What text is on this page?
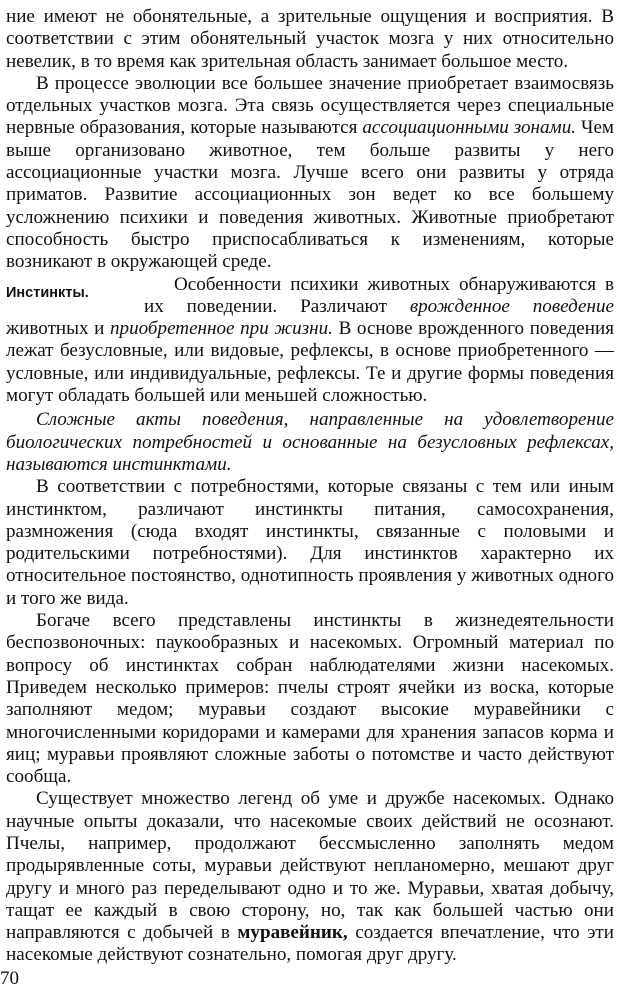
ние имеют не обонятельные, а зрительные ощущения и восприятия. В соответствии с этим обонятельный участок мозга у них относительно невелик, в то время как зрительная область занимает большое место.

В процессе эволюции все большее значение приобретает взаимосвязь отдельных участков мозга. Эта связь осуществляется через специальные нервные образования, которые называются ассоциационными зонами. Чем выше организовано животное, тем больше развиты у него ассоциационные участки мозга. Лучше всего они развиты у отряда приматов. Развитие ассоциационных зон ведет ко все большему усложнению психики и поведения животных. Животные приобретают способность быстро приспосабливаться к изменениям, которые возникают в окружающей среде.

Инстинкты.	Особенности психики животных обнаруживаются в их поведении. Различают врожденное поведение животных и приобретенное при жизни. В основе врожденного поведения лежат безусловные, или видовые, рефлексы, в основе приобретенного — условные, или индивидуальные, рефлексы. Те и другие формы поведения могут обладать большей или меньшей сложностью.

Сложные акты поведения, направленные на удовлетворение биологических потребностей и основанные на безусловных рефлексах, называются инстинктами.

В соответствии с потребностями, которые связаны с тем или иным инстинктом, различают инстинкты питания, самосохранения, размножения (сюда входят инстинкты, связанные с половыми и родительскими потребностями). Для инстинктов характерно их относительное постоянство, однотипность проявления у животных одного и того же вида.

Богаче всего представлены инстинкты в жизнедеятельности беспозвоночных: паукообразных и насекомых. Огромный материал по вопросу об инстинктах собран наблюдателями жизни насекомых. Приведем несколько примеров: пчелы строят ячейки из воска, которые заполняют медом; муравьи создают высокие муравейники с многочисленными коридорами и камерами для хранения запасов корма и яиц; муравьи проявляют сложные заботы о потомстве и часто действуют сообща.

Существует множество легенд об уме и дружбе насекомых. Однако научные опыты доказали, что насекомые своих действий не осознают. Пчелы, например, продолжают бессмысленно заполнять медом продырявленные соты, муравьи действуют непланомерно, мешают друг другу и много раз переделывают одно и то же. Муравьи, хватая добычу, тащат ее каждый в свою сторону, но, так как большей частью они направляются с добычей в муравейник, создается впечатление, что эти насекомые действуют сознательно, помогая друг другу.

70
